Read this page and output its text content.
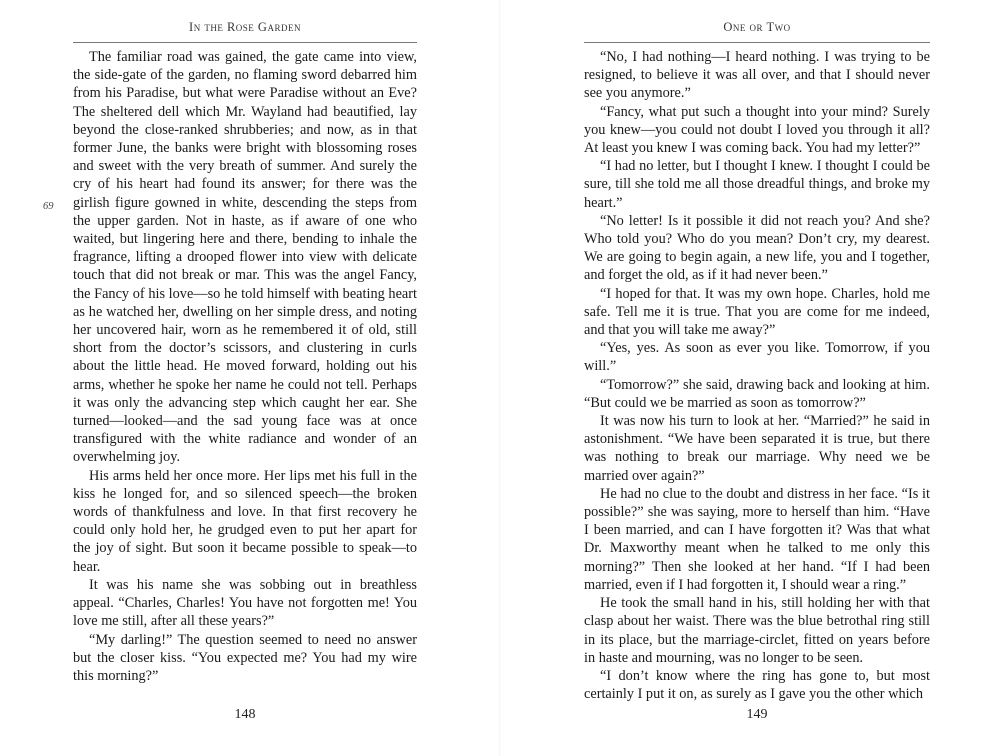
In the Rose Garden

The familiar road was gained, the gate came into view, the side-gate of the garden, no flaming sword debarred him from his Paradise, but what were Paradise without an Eve? The sheltered dell which Mr. Wayland had beautified, lay beyond the close-ranked shrubberies; and now, as in that former June, the banks were bright with blossoming roses and sweet with the very breath of summer. And surely the cry of his heart had found its answer; for there was the girlish figure gowned in white, descending the steps from the upper garden. Not in haste, as if aware of one who waited, but lingering here and there, bending to inhale the fragrance, lifting a drooped flower into view with delicate touch that did not break or mar. This was the angel Fancy, the Fancy of his love—so he told himself with beating heart as he watched her, dwelling on her simple dress, and noting her uncovered hair, worn as he remembered it of old, still short from the doctor’s scissors, and clustering in curls about the little head. He moved forward, holding out his arms, whether he spoke her name he could not tell. Perhaps it was only the advancing step which caught her ear. She turned—looked—and the sad young face was at once transfigured with the white radiance and wonder of an overwhelming joy.

His arms held her once more. Her lips met his full in the kiss he longed for, and so silenced speech—the broken words of thankfulness and love. In that first recovery he could only hold her, he grudged even to put her apart for the joy of sight. But soon it became possible to speak—to hear.

It was his name she was sobbing out in breathless appeal. “Charles, Charles! You have not forgotten me! You love me still, after all these years?”

“My darling!” The question seemed to need no answer but the closer kiss. “You expected me? You had my wire this morning?”

148
69
One or Two

“No, I had nothing—I heard nothing. I was trying to be resigned, to believe it was all over, and that I should never see you anymore.”

“Fancy, what put such a thought into your mind? Surely you knew—you could not doubt I loved you through it all? At least you knew I was coming back. You had my letter?”

“I had no letter, but I thought I knew. I thought I could be sure, till she told me all those dreadful things, and broke my heart.”

“No letter! Is it possible it did not reach you? And she? Who told you? Who do you mean? Don’t cry, my dearest. We are going to begin again, a new life, you and I together, and forget the old, as if it had never been.”

“I hoped for that. It was my own hope. Charles, hold me safe. Tell me it is true. That you are come for me indeed, and that you will take me away?”

“Yes, yes. As soon as ever you like. Tomorrow, if you will.”

“Tomorrow?” she said, drawing back and looking at him. “But could we be married as soon as tomorrow?”

It was now his turn to look at her. “Married?” he said in astonishment. “We have been separated it is true, but there was nothing to break our marriage. Why need we be married over again?”

He had no clue to the doubt and distress in her face. “Is it possible?” she was saying, more to herself than him. “Have I been married, and can I have forgotten it? Was that what Dr. Maxworthy meant when he talked to me only this morning?” Then she looked at her hand. “If I had been married, even if I had forgotten it, I should wear a ring.”

He took the small hand in his, still holding her with that clasp about her waist. There was the blue betrothal ring still in its place, but the marriage-circlet, fitted on years before in haste and mourning, was no longer to be seen.

“I don’t know where the ring has gone to, but most certainly I put it on, as surely as I gave you the other which

149
